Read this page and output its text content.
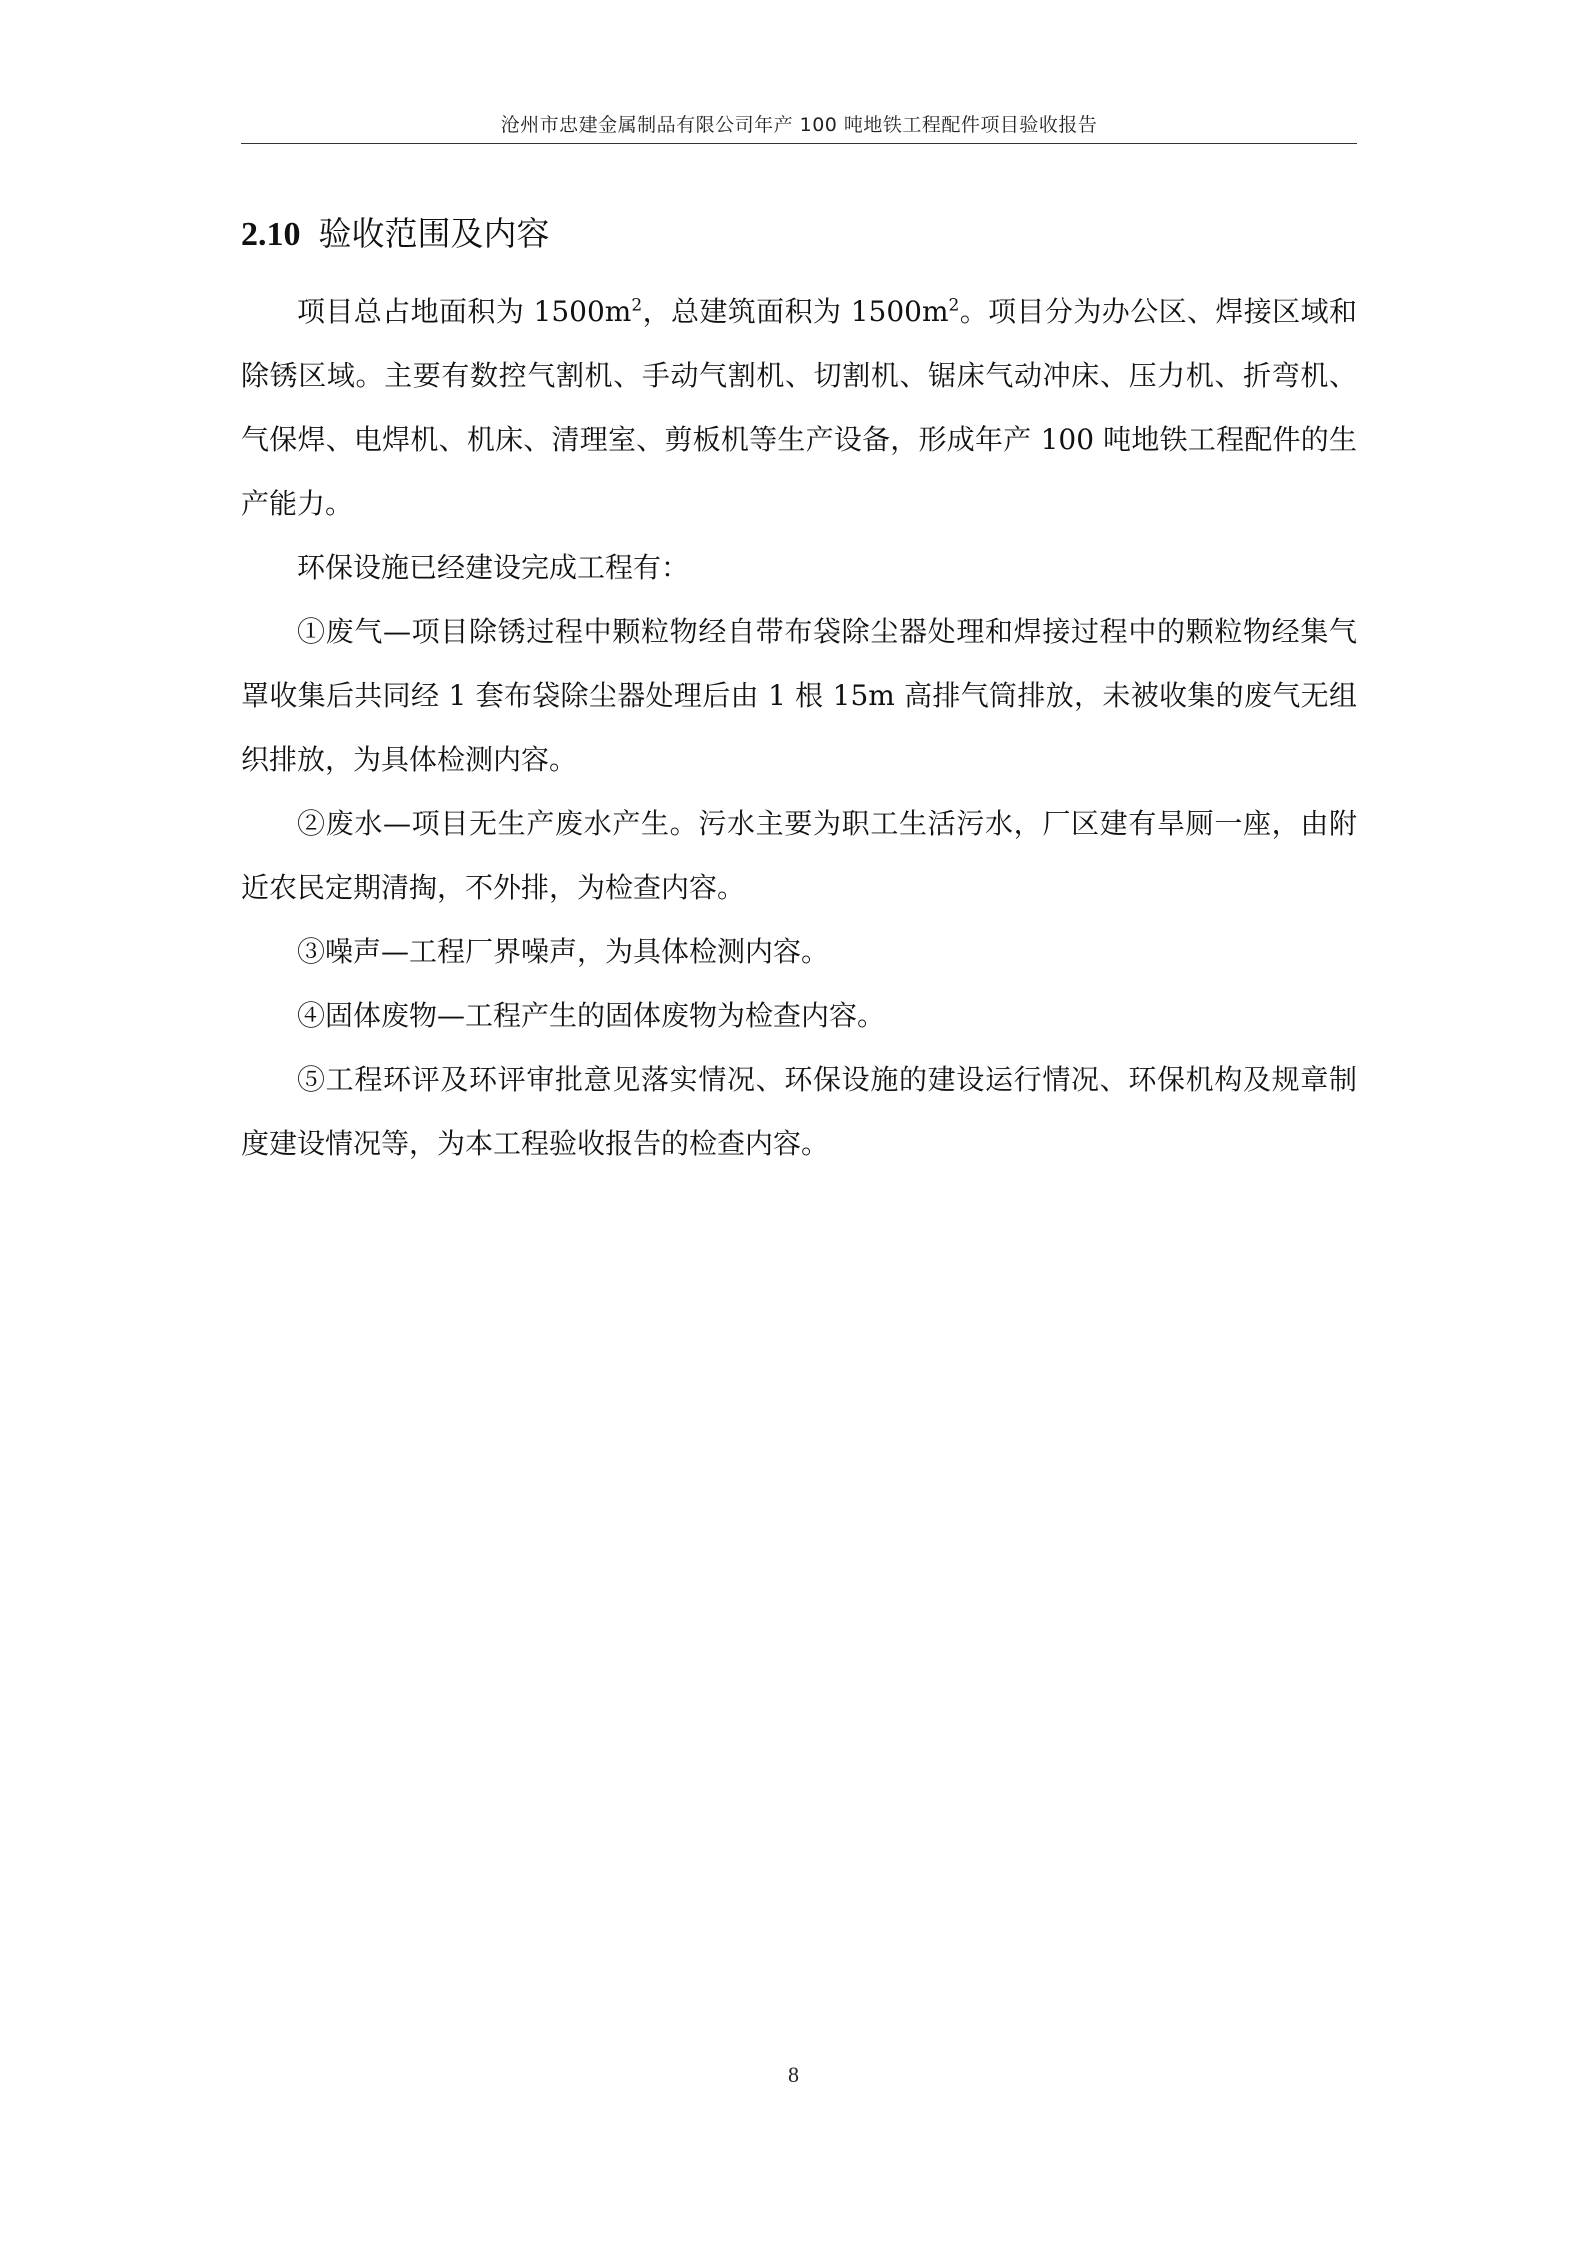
沧州市忠建金属制品有限公司年产 100 吨地铁工程配件项目验收报告
2.10 验收范围及内容

项目总占地面积为 $1500m^2$，总建筑面积为 $1500m^2$。项目分为办公区、焊接区域和除锈区域。主要有数控气割机、手动气割机、切割机、锯床气动冲床、压力机、折弯机、气保焊、电焊机、机床、清理室、剪板机等生产设备，形成年产 100 吨地铁工程配件的生产能力。

环保设施已经建设完成工程有：

①废气—项目除锈过程中颗粒物经自带布袋除尘器处理和焊接过程中的颗粒物经集气罩收集后共同经 1 套布袋除尘器处理后由 1 根 15m 高排气筒排放，未被收集的废气无组织排放，为具体检测内容。

②废水—项目无生产废水产生。污水主要为职工生活污水，厂区建有旱厕一座，由附近农民定期清掏，不外排，为检查内容。

③噪声—工程厂界噪声，为具体检测内容。

④固体废物—工程产生的固体废物为检查内容。

⑤工程环评及环评审批意见落实情况、环保设施的建设运行情况、环保机构及规章制度建设情况等，为本工程验收报告的检查内容。

8
